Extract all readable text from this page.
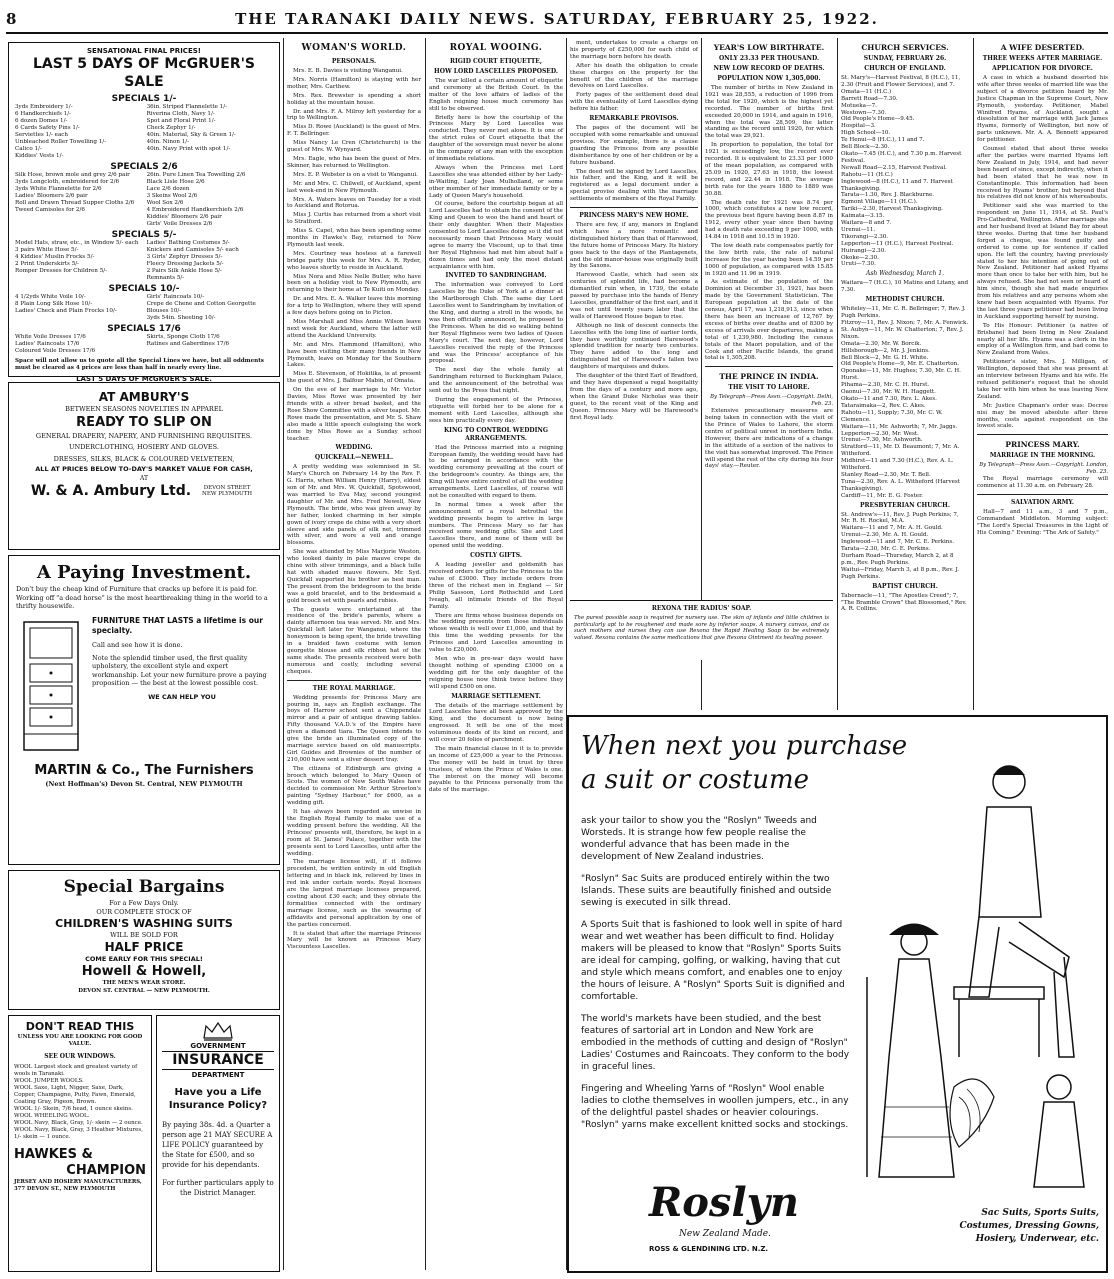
8	THE TARANAKI DAILY NEWS. SATURDAY, FEBRUARY 25, 1922.
SENSATIONAL FINAL PRICES!
LAST 5 DAYS OF McGRUER'S SALE
SPECIALS 1/-
3yds Embroidery 1/-
6 Handkerchiefs 1/-
6 dozen Domes 1/-
6 Cards Safety Pins 1/-
Serviettes 1/- each
Unbleached Roller Towelling 1/-
Calico 1/-
Kiddies' Vests 1/-
36in. Striped Flannelette 1/-
Riverina Cloth, Navy 1/-
Spot and Floral Print 1/-
Check Zephyr 1/-
40in. Material, Sky & Green 1/-
40in. Ninon 1/-
40in. Navy Print with spot 1/-
SPECIALS 2/6
Silk Hose, brown mole and grey 2/6 pair
3yds Longcloth, embroidered for 2/6
3yds White Flannelette for 2/6
Ladies' Bloomers 2/6 pair
Roll and Drawn Thread Supper Cloths 2/6
Tweed Camisoles for 2/6
26in. Pure Linen Tea Towelling 2/6
Black Lisle Hose 2/6
Lace 2/6 dozen
3 Skeins Wool 2/6
Wool Sox 2/6
4 Embroidered Handkerchiefs 2/6
Kiddies' Bloomers 2/6 pair
Girls' Voile Dresses 2/6
SPECIALS 5/-
Model Hats, straw, etc., in Window 5/- each
3 pairs White Hose 5/-
4 Kiddies' Muslin Frocks 5/-
2 Print Underskirts 5/-
Romper Dresses for Children 5/-
Ladies' Bathing Costumes 5/-
Knickers and Camisoles 5/- each
3 Girls' Zephyr Dresses 5/-
Fleecy Dressing Jackets 5/-
2 Pairs Silk Ankle Hose 5/-
Remnants 5/-
SPECIALS 10/-
4 1/2yds White Voile 10/-
8 Plain Long Silk Hose 10/-
Ladies' Check and Plain Frocks 10/-
Girls' Raincoats 10/-
Crepe de Chene and Cotton Georgette Blouses 10/-
3yds 54in. Sheeting 10/-
SPECIALS 17/6
White Voile Dresses 17/6
Ladies' Raincoats 17/6
Coloured Voile Dresses 17/6
Skirts, Sponge Cloth 17/6
Ratines and Gaberdines 17/6
Space will not allow us to quote all the Special Lines we have, but all oddments must be cleared as 4 prices are less than half in nearly every line.
LAST 5 DAYS OF McGRUER'S SALE.
AT AMBURY'S
BETWEEN SEASONS NOVELTIES IN APPAREL
READY TO SLIP ON
GENERAL DRAPERY, NAPERY, AND FURNISHING REQUISITES.
UNDERCLOTHING, HOSIERY AND GLOVES.
DRESSES, SILKS, BLACK & COLOURED VELVETEEN,
ALL AT PRICES BELOW TO-DAY'S MARKET VALUE FOR CASH,
AT
W. & A. Ambury Ltd.	DEVON STREET NEW PLYMOUTH
A Paying Investment.
Don't buy the cheap kind of Furniture that cracks up before it is paid for. Working off "a dead horse" is the most heartbreaking thing in the world to a thrifty housewife.
FURNITURE THAT LASTS a lifetime is our specialty.
Call and see how it is done.
Note the splendid timber used, the first quality upholstery, the excellent style and expert workmanship. Let your new furniture prove a paying proposition — the best at the lowest possible cost.
WE CAN HELP YOU
MARTIN & Co., The Furnishers
(Next Hoffman's) Devon St. Central, NEW PLYMOUTH
Special Bargains
For a Few Days Only.
OUR COMPLETE STOCK OF
CHILDREN'S WASHING SUITS
WILL BE SOLD FOR
HALF PRICE
COME EARLY FOR THIS SPECIAL!
Howell & Howell,
THE MEN'S WEAR STORE.
DEVON ST. CENTRAL — NEW PLYMOUTH.
DON'T READ THIS
UNLESS YOU ARE LOOKING FOR GOOD VALUE.
SEE OUR WINDOWS.
WOOL Largest stock and greatest variety of wools in Taranaki.
WOOL JUMPER WOOLS.
WOOL Saxe, Light, Nigger, Saxe, Dark, Copper, Champagne, Putty, Fawn, Emerald, Coating Gray, Pigeon, Brown.
WOOL 1/- Skein, 7/6 head, 1 ounce skeins.
WOOL WHEELING WOOL.
WOOL Navy, Black, Gray, 1/- skein — 2 ounce.
WOOL Navy, Black, Gray, 3 Heather Mixtures, 1/- skein — 1 ounce.
HAWKES &
CHAMPION
JERSEY AND HOSIERY MANUFACTURERS, 377 DEVON ST., NEW PLYMOUTH
GOVERNMENT
INSURANCE
DEPARTMENT
Have you a Life Insurance Policy?
By paying 38s. 4d. a Quarter a person age 21 MAY SECURE A LIFE POLICY guaranteed by the State for £500, and so provide for his dependants.
For further particulars apply to the District Manager.
WOMAN'S WORLD.
PERSONALS.

Mrs. E. B. Davies is visiting Wanganui.

Mrs. Norris (Hamilton) is staying with her mother, Mrs. Carthew.

Mrs. Rex. Brewster is spending a short holiday at the mountain house.

Dr. and Mrs. F. A. Milroy left yesterday for a trip to Wellington.

Miss D. Rowe (Auckland) is the guest of Mrs. F. T. Bellringer.

Miss Nancy Le Cren (Christchurch) is the guest of Mrs. W. Wynyard.

Mrs. Eagle, who has been the guest of Mrs. Skinner, has returned to Wellington.

Mrs. E. P. Webster is on a visit to Wanganui.

Mr. and Mrs. C. Chilwell, of Auckland, spent last week-end in New Plymouth.

Mrs. A. Waters leaves on Tuesday for a visit to Auckland and Rotorua.

Miss J. Curtis has returned from a short visit to Stratford.

Miss S. Capel, who has been spending some months in Hawke's Bay, returned to New Plymouth last week.

Mrs. Courtney was hostess at a farewell bridge party this week for Mrs. A. R. Ryder, who leaves shortly to reside in Auckland.

Miss Nora and Miss Nelle Butler, who have been on a holiday visit to New Plymouth, are returning to their home at Te Kuiti on Monday.

Dr. and Mrs. E. A. Walker leave this morning for a trip to Wellington, where they will spend a few days before going on to Picton.

Miss Marshall and Miss Annie Wilson leave next week for Auckland, where the latter will attend the Auckland University.

Mr. and Mrs. Hammond (Hamilton), who have been visiting their many friends in New Plymouth, leave on Monday for the Southern Lakes.

Miss E. Stevenson, of Hokitika, is at present the guest of Mrs. J. Balfour Mabin, of Omata.

On the eve of her marriage to Mr. Victor Davies, Miss Rowe was presented by her friends with a silver bread basket, and the Rose Show Committee with a silver teapot. Mr. Rowe made the presentation, and Mr. S. Shaw also made a little speech eulogising the work done by Miss Rowe as a Sunday school teacher.

WEDDING.
QUICKFALL—NEWELL.

A pretty wedding was solemnised in St. Mary's Church on February 14 by the Rev. F. G. Harris, when William Henry (Harry), eldest son of Mr. and Mrs. W. Quickfall, Spotswood, was married to Eva May, second youngest daughter of Mr. and Mrs. Fred Newell, New Plymouth. The bride, who was given away by her father, looked charming in her simple gown of ivory crepe de chine with a very short sleeve and side panels of silk net, trimmed with silver, and wore a veil and orange blossoms.

She was attended by Miss Marjorie Weston, who looked dainty in pale mauve crepe de chine with silver trimmings, and a black tulle hat with shaded mauve flowers. Mr. Syd. Quickfall supported his brother as best man. The present from the bridegroom to the bride was a gold bracelet, and to the bridesmaid a gold brooch set with pearls and rubies.

The guests were entertained at the residence of the bride's parents, where a dainty afternoon tea was served. Mr. and Mrs. Quickfall left later for Wanganui, where the honeymoon is being spent, the bride travelling in a braided fawn costume with lemon georgette blouse and silk ribbon hat of the same shade. The presents received were both numerous and costly, including several cheques.

THE ROYAL MARRIAGE.

Wedding presents for Princess Mary are pouring in, says an English exchange. The boys of Harrow school sent a Chippendale mirror and a pair of antique drawing tables. Fifty thousand V.A.D.'s of the Empire have given a diamond tiara. The Queen intends to give the bride an illuminated copy of the marriage service based on old manuscripts. Girl Guides and Brownies of the number of 210,000 have sent a silver dessert tray.

The citizens of Edinburgh are giving a brooch which belonged to Mary Queen of Scots. The women of New South Wales have decided to commission Mr. Arthur Streeton's painting "Sydney Harbour," for £600, as a wedding gift.

It has always been regarded as unwise in the English Royal Family to make use of a wedding present before the wedding. All the Princess' presents will, therefore, be kept in a room at St. James' Palace, together with the presents sent to Lord Lascelles, until after the wedding.

The marriage license will, if it follows precedent, be written entirely in old English lettering and in black ink, relieved by lines in red ink under certain words. Royal licenses are the largest marriage licenses prepared, costing about £30 each; and they obviate the formalities connected with the ordinary marriage license, such as the swearing of affidavits and personal application by one of the parties concerned.

It is stated that after the marriage Princess Mary will be known as Princess Mary Viscountess Lascelles.

ROYAL WOOING.
RIGID COURT ETIQUETTE,
HOW LORD LASCELLES PROPOSED.

The war killed a certain amount of etiquette and ceremony at the British Court. In the matter of the love affairs of ladies of the English reigning house much ceremony has still to be observed.

Briefly here is how the courtship of the Princess Mary by Lord Lascelles was conducted. They never met alone. It is one of the strict rules of Court etiquette that the daughter of the sovereign must never be alone in the company of any man with the exception of immediate relations.

Always when the Princess met Lord Lascelles she was attended either by her Lady-in-Waiting, Lady Joan Mulholland, or some other member of her immediate family or by a Lady of Queen Mary's household.

Of course, before the courtship began at all Lord Lascelles had to obtain the consent of the King and Queen to woo the hand and heart of their only daughter. When their Majesties consented to Lord Lascelles doing so it did not necessarily mean that Princess Mary would agree to marry the Viscount, up to that time her Royal Highness had met him about half a dozen times and had only the most distant acquaintance with him.

INVITED TO SANDRINGHAM.

The information was conveyed to Lord Lascelles by the Duke of York at a dinner at the Marlborough Club. The same day Lord Lascelles went to Sandringham by invitation of the King, and during a stroll in the woods, he was then officially announced, he proposed to the Princess. When he did so walking behind her Royal Highness were two ladies of Queen Mary's court. The next day, however, Lord Lascelles received the reply of the Princess and was the Princess' acceptance of his proposal.

The next day the whole family at Sandringham returned to Buckingham Palace, and the announcement of the betrothal was sent out to the Press that night.

During the engagement of the Princess, etiquette will forbid her to be alone for a moment with Lord Lascelles, although she sees him practically every day.

KING TO CONTROL WEDDING ARRANGEMENTS.

Had the Princess married into a reigning European family, the wedding would have had to be arranged in accordance with the wedding ceremony prevailing at the court of the bridegroom's country. As things are, the King will have entire control of all the wedding arrangements. Lord Lascelles, of course will not be consulted with regard to them.

In normal times a week after the announcement of a royal betrothal the wedding presents begin to arrive in large numbers. The Princess Mary so far has received some wedding gifts. She and Lord Lascelles there, and none of them will be opened until the wedding.

COSTLY GIFTS.

A leading jeweller and goldsmith has received orders for gifts for the Princess to the value of £3000. They include orders from three of the richest men in England — Sir Philip Sassoon, Lord Rothschild and Lord Iveagh, all intimate friends of the Royal Family.

There are firms whose business depends on the wedding presents from those individuals whose wealth is well over £1,000, and that by this time the wedding presents for the Princess and Lord Lascelles amounting in value to £20,000.

Men who in pre-war days would have thought nothing of spending £3000 on a wedding gift for the only daughter of the reigning house now think twice before they will spend £500 on one.

MARRIAGE SETTLEMENT.

The details of the marriage settlement by Lord Lascelles have all been approved by the King, and the document is now being engrossed. It will be one of the most voluminous deeds of its kind on record, and will cover 20 folios of parchment.

The main financial clause in it is to provide an income of £25,000 a year to the Princess. The money will be held in trust by three trustees, of whom the Prince of Wales is one. The interest on the money will become payable to the Princess personally from the date of the marriage.

ment, undertakes to create a charge on his property of £250,000 for each child of the marriage born before his death.

After his death the obligation to create these charges on the property for the benefit of the children of the marriage devolves on Lord Lascelles.

Forty pages of the settlement deed deal with the eventuality of Lord Lascelles dying before his father.

REMARKABLE PROVISOS.

The pages of the document will be occupied with some remarkable and unusual provisos. For example, there is a clause guarding the Princess from any possible disinheritance by one of her children or by a future husband.

The deed will be signed by Lord Lascelles, his father, and the King, and it will be registered as a legal document under a special proviso dealing with the marriage settlements of members of the Royal Family.

PRINCESS MARY'S NEW HOME.

There are few, if any, manors in England which have a more romantic and distinguished history than that of Harewood, the future home of Princess Mary. Its history goes back to the days of the Plantagenets, and the old manor-house was originally built by the Saxons.

Harewood Castle, which had seen six centuries of splendid life, had become a dismantled ruin when, in 1739, the estate passed by purchase into the hands of Henry Lascelles, grandfather of the first earl, and it was not until twenty years later that the walls of Harewood House began to rise.

Although no link of descent connects the Lascelles with the long line of earlier lords, they have worthily continued Harewood's splendid tradition for nearly two centuries. They have added to the long and distinguished list of Harewood's fallen two daughters of marquises and dukes.

The daughter of the third Earl of Bradford, and they have dispensed a regal hospitality from the days of a century and more ago, when the Grand Duke Nicholas was their guest, to the recent visit of the King and Queen. Princess Mary will be Harewood's first Royal lady.

YEAR'S LOW BIRTHRATE.
ONLY 23.33 PER THOUSAND.
NEW LOW RECORD OF DEATHS.
POPULATION NOW 1,305,000.

The number of births in New Zealand in 1921 was 28,555, a reduction of 1996 from the total for 1920, which is the highest yet recorded. The number of births first exceeded 20,000 in 1914, and again in 1916, when the total was 28,509, the latter standing as the record until 1920, for which the total was 29,921.

In proportion to population, the total for 1921 is exceedingly low, the record ever recorded. It is equivalent to 23.33 per 1000 of the mean population, as compared with 25.09 in 1920, 27.63 in 1918, the lowest record, and 22.44 in 1918. The average birth rate for the years 1880 to 1889 was 30.88.

The death rate for 1921 was 8.74 per 1000, which constitutes a new low record, the previous best figure having been 8.87 in 1912, every other year since then having had a death rate exceeding 9 per 1000, with 14.84 in 1918 and 10.15 in 1920.

The low death rate compensates partly for the low birth rate, the rate of natural increase for the year having been 14.59 per 1000 of population, as compared with 15.85 in 1920 and 11.96 in 1919.

As estimate of the population of the Dominion at December 31, 1921, has been made by the Government Statistician. The European population at the date of the census, April 17, was 1,218,913, since when there has been an increase of 12,767 by excess of births over deaths and of 8300 by excess of arrivals over departures, making a total of 1,239,980. Including the census totals of the Maori population, and of the Cook and other Pacific Islands, the grand total is 1,305,208.

THE PRINCE IN INDIA.
THE VISIT TO LAHORE.
By Telegraph—Press Assn.—Copyright. Delhi, Feb. 23.

Extensive precautionary measures are being taken in connection with the visit of the Prince of Wales to Lahore, the storm centre of political unrest in northern India. However, there are indications of a change in the attitude of a section of the natives to the visit has somewhat improved. The Prince will spend the rest of the city during his four days' stay.—Reuter.

REXONA THE RADIUS' SOAP.
The purest possible soap is required for nursery use. The skin of infants and little children is particularly apt to be roughened and made sore by inferior soaps. A nursery canvas, and as such mothers and nurses they can use Rexona the Rapid Healing Soap to be extremely valued. Rexona contains the same medications that give Rexona Ointment its healing power.
CHURCH SERVICES.
SUNDAY, FEBRUARY 26.
CHURCH OF ENGLAND.
St. Mary's—Harvest Festival, 8 (H.C.), 11, 2.30 (Fruit and Flower Services), and 7.
Omata—11 (H.C.)
Barrett Road—7.30.
Motueka—7.
Westown—7.30.
Old People's Home—9.45.
Hospital—3.
High School—10.
Te Henui—8 (H.C.), 11 and 7.
Bell Block—2.30.
Okato—7.45 (H.C.), and 7.30 p.m. Harvest Festival.
Newall Road—2.15, Harvest Festival.
Rahotu—11 (H.C.)
Inglewood—8 (H.C.), 11 and 7. Harvest Thanksgiving.
Tarata—1.30, Rev. J. Blackburne.
Egmont Village—11 (H.C.).
Tariki—2.30, Harvest Thanksgiving.
Kaimata—3.15.
Waitara—8 and 7.
Urenui—11.
Tikorangi—2.30.
Lepperton—11 (H.C.), Harvest Festival.
Huirangi—2.30.
Okoke—2.30.
Uruti—7.30.
Ash Wednesday, March 1.
Waitara—7 (H.C.), 10 Matins and Litany, and 7.30.
METHODIST CHURCH.
Whiteley—11, Mr. C. R. Bellringer; 7, Rev. J. Pugh Perkins.
Fitzroy—11, Rev. J. Nixon; 7, Mr. A. Fenwick.
St. Aubyn—11, Mr. W. Chatterton; 7, Rev. J. Nixon.
Omata—2.30, Mr. W. Borcik.
Hillsborough—2, Mr. J. Jenkins.
Bell Block—2, Mr. G. H. White.
Old People's Home—9, Mr. E. Chatterton.
Oponake—11, Mr. Hughes; 7.30, Mr. C. H. Hurst.
Pihama—2.30, Mr. C. H. Hurst.
Oaonui—7.30, Mr. W. H. Haggett.
Okato—11 and 7.30, Rev. L. Akes.
Tataraimaka—2, Rev. C. Akes.
Rahotu—11, Supply; 7.30, Mr. C. W. Clemence.
Waitara—11, Mr. Ashworth; 7, Mr. Jaggs.
Lepperton—2.30, Mr. West.
Urenui—7.30, Mr. Ashworth.
Stratford—11, Mr. D. Beaumont; 7, Mr. A. Witheford.
Midhirst—11 and 7.30 (H.C.), Rev. A. L. Witheford.
Stanley Road—2.30, Mr. T. Bell.
Tuna—2.30, Rev. A. L. Witheford (Harvest Thanksgiving).
Cardiff—11, Mr. E. G. Foster.
PRESBYTERIAN CHURCH.
St. Andrew's—11, Rev. J. Pugh Perkins; 7, Mr. R. H. Rockel, M.A.
Waitara—11 and 7, Mr. A. H. Gould.
Urenui—2.30, Mr. A. H. Gould.
Inglewood—11 and 7, Mr. C. E. Perkins.
Tarata—2.30, Mr. C. E. Perkins.
Durham Road—Thursday, March 2, at 8 p.m., Rev. Pugh Perkins.
Waitui—Friday, March 3, at 8 p.m., Rev. J. Pugh Perkins.
BAPTIST CHURCH.
Tabernacle—11, "The Apostles Creed"; 7, "The Bramble Crown" that Blossomed," Rev. A. R. Collins.
A WIFE DESERTED.
THREE WEEKS AFTER MARRIAGE.
APPLICATION FOR DIVORCE.

A case in which a husband deserted his wife after three weeks of married life was the subject of a divorce petition heard by Mr. Justice Chapman in the Supreme Court, New Plymouth, yesterday. Petitioner, Mabel Winifred Hyams, of Auckland, sought a dissolution of her marriage with Jack James Hyams, formerly of Wellington, but now of parts unknown. Mr. A. A. Bennett appeared for petitioner.

Counsel stated that about three weeks after the parties were married Hyams left New Zealand in July, 1914, and had never been heard of since, except indirectly, when it had been stated that he was now in Constantinople. This information had been received by Hyams' brother, but beyond that his relatives did not know of his whereabouts.

Petitioner said she was married to the respondent on June 11, 1914, at St. Paul's Pro-Cathedral, Wellington. After marriage she and her husband lived at Island Bay for about three weeks. During that time her husband forged a cheque, was found guilty and ordered to come up for sentence if called upon. He left the country, having previously stated to her his intention of going out of New Zealand. Petitioner had asked Hyams more than once to take her with him, but he always refused. She had not seen or heard of him since, though she had made enquiries from his relatives and any persons whom she knew had been acquainted with Hyams. For the last three years petitioner had been living in Auckland supporting herself by nursing.

To His Honour: Petitioner (a native of Brisbane) had been living in New Zealand nearly all her life. Hyams was a clerk in the employ of a Wellington firm, and had come to New Zealand from Wales.

Petitioner's sister, Mrs. J. Milligan, of Wellington, deposed that she was present at an interview between Hyams and his wife. He refused petitioner's request that he should take her with him when he was leaving New Zealand.

Mr. Justice Chapman's order was: Decree nisi may be moved absolute after three months, costs against respondent on the lowest scale.

PRINCESS MARY.
MARRIAGE IN THE MORNING.
By Telegraph—Press Assn.—Copyright. London, Feb. 23.

The Royal marriage ceremony will commence at 11.30 a.m. on February 28.

SALVATION ARMY.

Hall—7 and 11 a.m., 3 and 7 p.m., Commandant Middleton. Morning subject: "The Lord's Special Treasures in the Light of His Coming." Evening: "The Ark of Safety."

When next you purchase
a suit or costume

ask your tailor to show you the "Roslyn" Tweeds and Worsteds. It is strange how few people realise the wonderful advance that has been made in the development of New Zealand industries.

"Roslyn" Sac Suits are produced entirely within the two Islands. These suits are beautifully finished and outside sewing is executed in silk thread.

A Sports Suit that is fashioned to look well in spite of hard wear and wet weather has been difficult to find. Holiday makers will be pleased to know that "Roslyn" Sports Suits are ideal for camping, golfing, or walking, having that cut and style which means comfort, and enables one to enjoy the hours of leisure. A "Roslyn" Sports Suit is dignified and comfortable.

The world's markets have been studied, and the best features of sartorial art in London and New York are embodied in the methods of cutting and design of "Roslyn" Ladies' Costumes and Raincoats. They conform to the body in graceful lines.

Fingering and Wheeling Yarns of "Roslyn" Wool enable ladies to clothe themselves in woollen jumpers, etc., in any of the delightful pastel shades or heavier colourings. "Roslyn" yarns make excellent knitted socks and stockings.

Roslyn
New Zealand Made.
ROSS & GLENDINING LTD. N.Z.
Sac Suits, Sports Suits, Costumes, Dressing Gowns, Hosiery, Underwear, etc.
